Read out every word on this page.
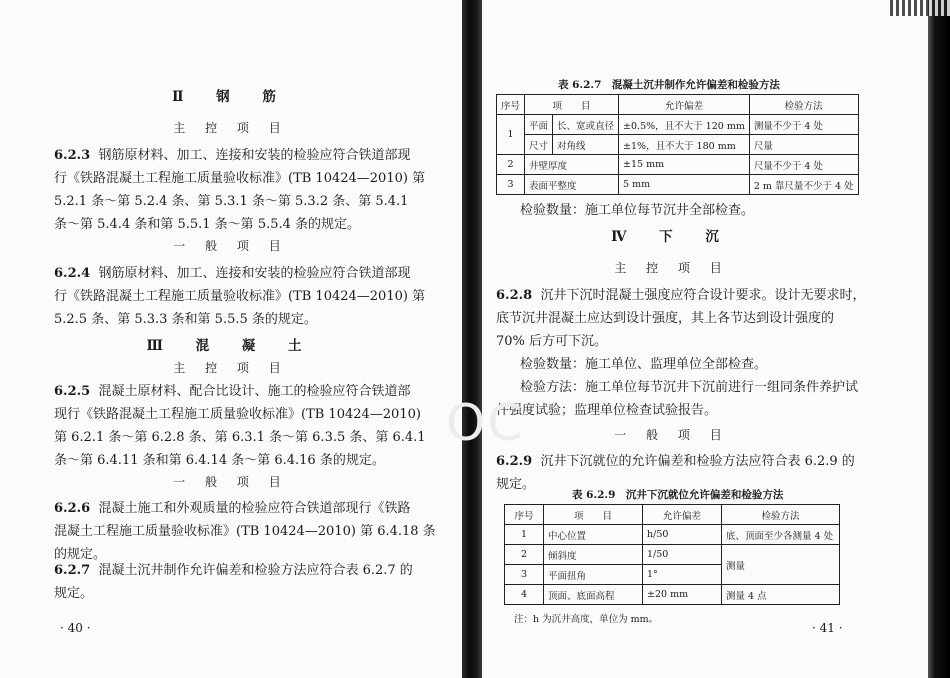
Ⅱ 钢 筋
主 控 项 目
6.2.3 钢筋原材料、加工、连接和安装的检验应符合铁道部现
行《铁路混凝土工程施工质量验收标准》(TB 10424—2010) 第
5.2.1 条～第 5.2.4 条、第 5.3.1 条～第 5.3.2 条、第 5.4.1
条～第 5.4.4 条和第 5.5.1 条～第 5.5.4 条的规定。
一 般 项 目
6.2.4 钢筋原材料、加工、连接和安装的检验应符合铁道部现
行《铁路混凝土工程施工质量验收标准》(TB 10424—2010) 第
5.2.5 条、第 5.3.3 条和第 5.5.5 条的规定。
Ⅲ 混 凝 土
主 控 项 目
6.2.5 混凝土原材料、配合比设计、施工的检验应符合铁道部
现行《铁路混凝土工程施工质量验收标准》(TB 10424—2010)
第 6.2.1 条～第 6.2.8 条、第 6.3.1 条～第 6.3.5 条、第 6.4.1
条～第 6.4.11 条和第 6.4.14 条～第 6.4.16 条的规定。
一 般 项 目
6.2.6 混凝土施工和外观质量的检验应符合铁道部现行《铁路
混凝土工程施工质量验收标准》(TB 10424—2010) 第 6.4.18 条
的规定。
6.2.7 混凝土沉井制作允许偏差和检验方法应符合表 6.2.7 的
规定。
· 40 ·
表 6.2.7　混凝土沉井制作允许偏差和检验方法
序号	项　　目		允许偏差	检验方法
1	平面	长、宽或直径	±0.5%，且不大于 120 mm	测量不少于 4 处
	尺寸	对角线	±1%，且不大于 180 mm	尺量
2	井壁厚度		±15 mm	尺量不少于 4 处
3	表面平整度		5 mm	2 m 靠尺量不少于 4 处
检验数量：施工单位每节沉井全部检查。
Ⅳ 下 沉
主 控 项 目
6.2.8 沉井下沉时混凝土强度应符合设计要求。设计无要求时，
底节沉井混凝土应达到设计强度，其上各节达到设计强度的
70% 后方可下沉。
检验数量：施工单位、监理单位全部检查。
检验方法：施工单位每节沉井下沉前进行一组同条件养护试
件强度试验；监理单位检查试验报告。
一 般 项 目
6.2.9 沉井下沉就位的允许偏差和检验方法应符合表 6.2.9 的
规定。
表 6.2.9　沉井下沉就位允许偏差和检验方法
序号	项　　目	允许偏差	检验方法
1	中心位置	h/50	底、顶面至少各测量 4 处
2	倾斜度	1/50	测量
3	平面扭角	1°	
4	顶面、底面高程	±20 mm	测量 4 点
注：h 为沉井高度，单位为 mm。
· 41 ·
OC
